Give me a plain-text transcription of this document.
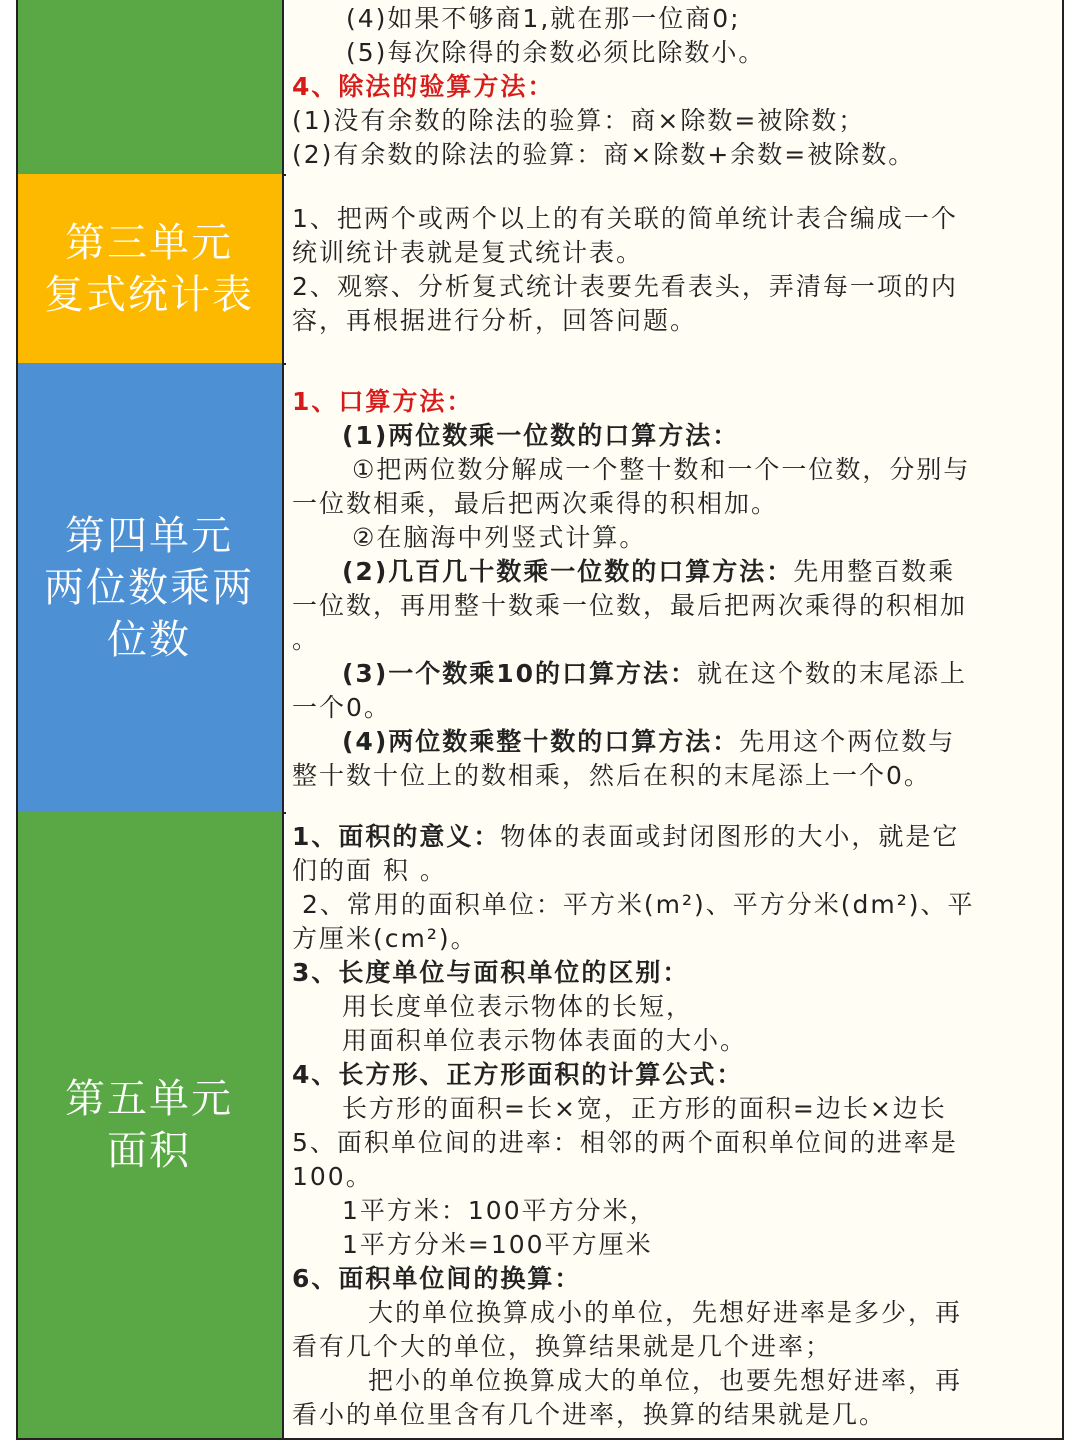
　　(4)如果不够商1,就在那一位商0;
　　(5)每次除得的余数必须比除数小。
4、除法的验算方法：
(1)没有余数的除法的验算：商×除数=被除数；
(2)有余数的除法的验算：商×除数+余数=被除数。
第三单元
复式统计表
1、把两个或两个以上的有关联的简单统计表合编成一个
统训统计表就是复式统计表。
2、观察、分析复式统计表要先看表头，弄清每一项的内
容，再根据进行分析，回答问题。
第四单元
两位数乘两
位数
1、口算方法：
(1)两位数乘一位数的口算方法：
①把两位数分解成一个整十数和一个一位数，分别与
一位数相乘，最后把两次乘得的积相加。
②在脑海中列竖式计算。
(2)几百几十数乘一位数的口算方法：先用整百数乘
一位数，再用整十数乘一位数，最后把两次乘得的积相加
。
(3)一个数乘10的口算方法：就在这个数的末尾添上
一个0。
(4)两位数乘整十数的口算方法：先用这个两位数与
整十数十位上的数相乘，然后在积的末尾添上一个0。
第五单元
面积
1、面积的意义：物体的表面或封闭图形的大小，就是它
们的面 积 。
2、常用的面积单位：平方米(m²)、平方分米(dm²)、平
方厘米(cm²)。
3、长度单位与面积单位的区别：
用长度单位表示物体的长短，
用面积单位表示物体表面的大小。
4、长方形、正方形面积的计算公式：
长方形的面积=长×宽，正方形的面积=边长×边长
5、面积单位间的进率：相邻的两个面积单位间的进率是
100。
1平方米：100平方分米，
1平方分米=100平方厘米
6、面积单位间的换算：
大的单位换算成小的单位，先想好进率是多少，再
看有几个大的单位，换算结果就是几个进率；
把小的单位换算成大的单位，也要先想好进率，再
看小的单位里含有几个进率，换算的结果就是几。
